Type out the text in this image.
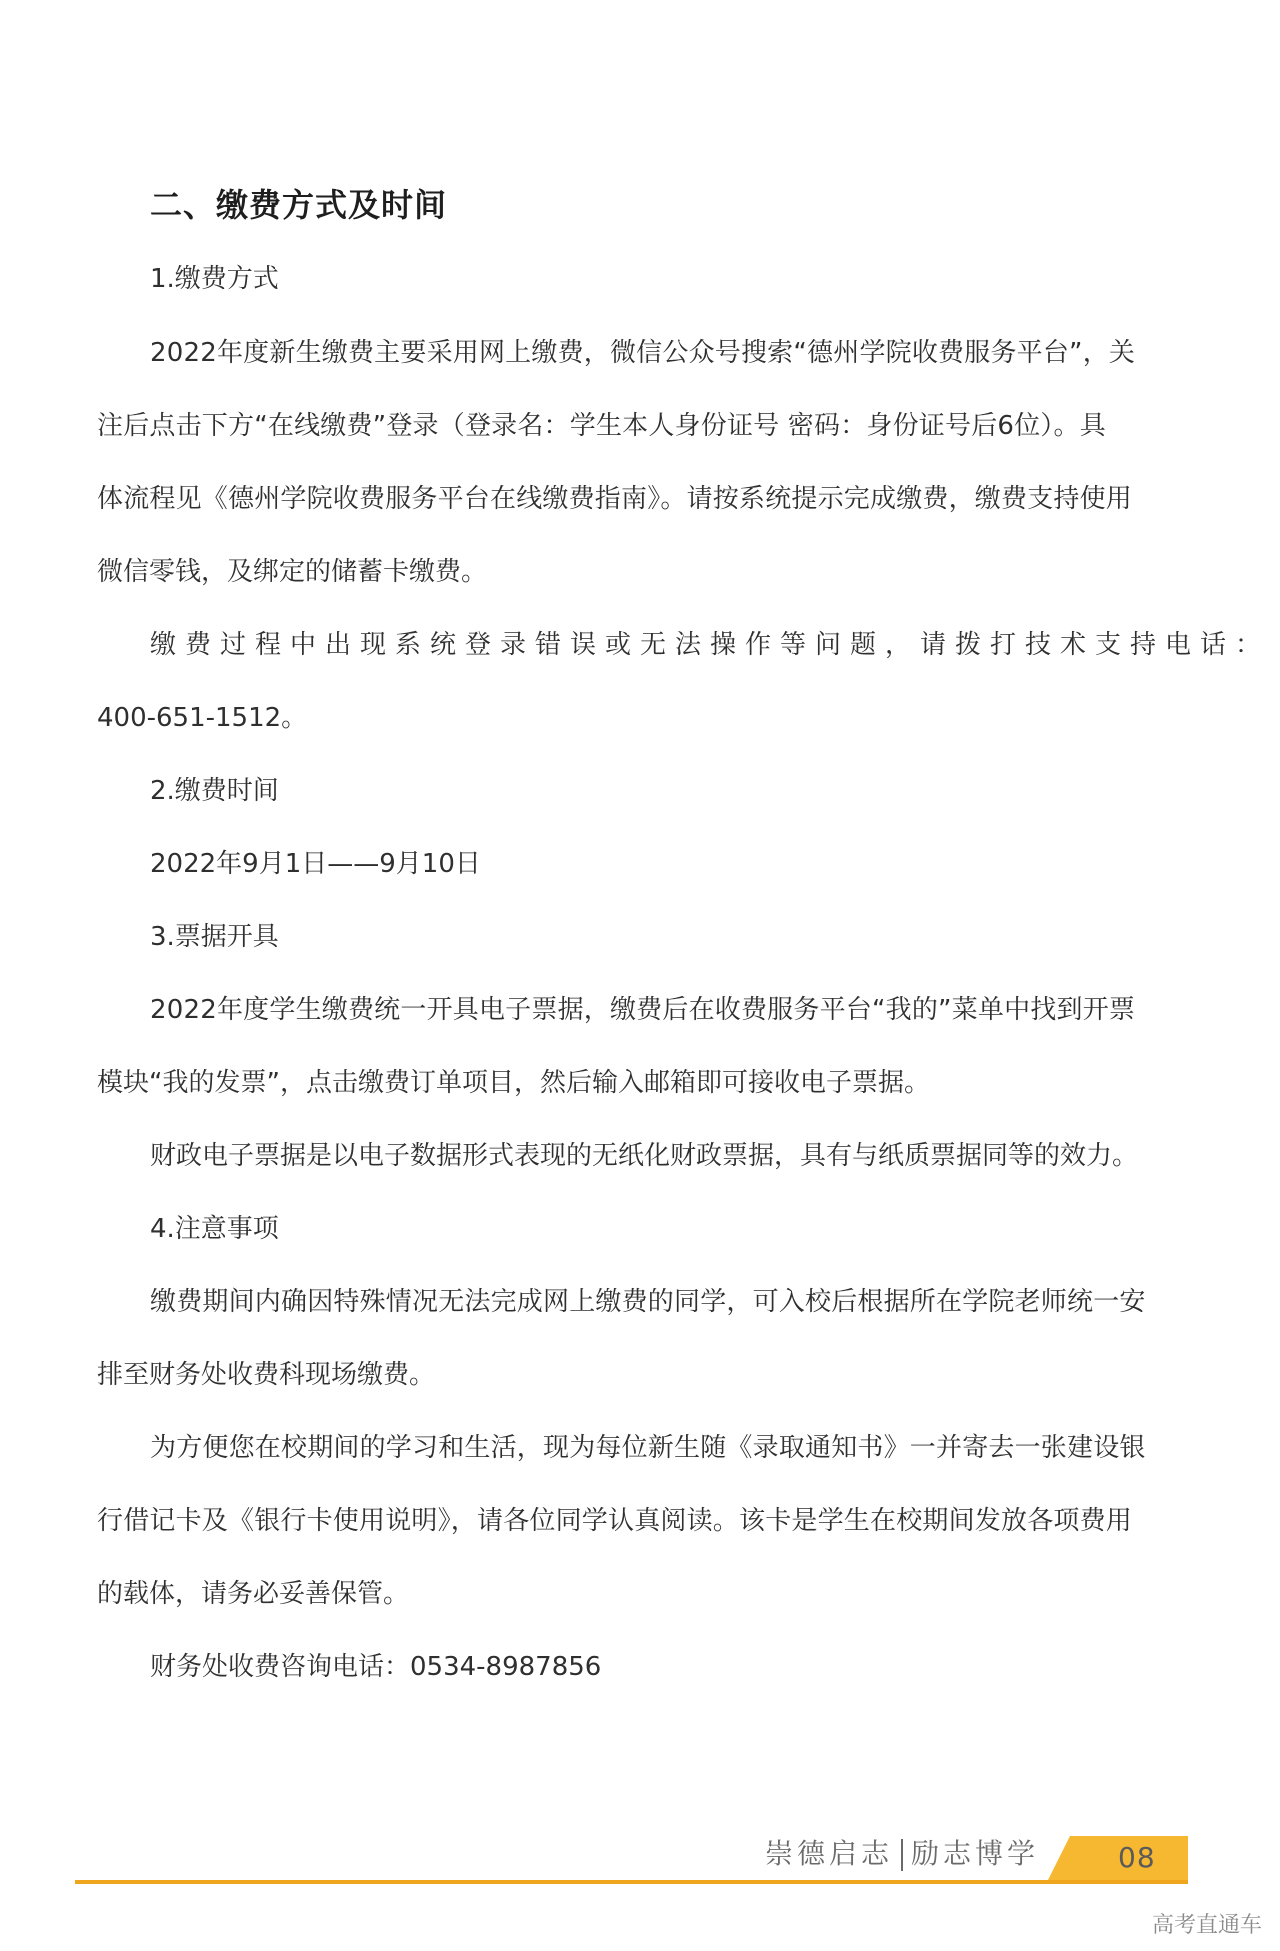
二、缴费方式及时间
1.缴费方式
2022年度新生缴费主要采用网上缴费，微信公众号搜索“德州学院收费服务平台”，关
注后点击下方“在线缴费”登录（登录名：学生本人身份证号 密码：身份证号后6位）。具
体流程见《德州学院收费服务平台在线缴费指南》。请按系统提示完成缴费，缴费支持使用
微信零钱，及绑定的储蓄卡缴费。
缴费过程中出现系统登录错误或无法操作等问题，请拨打技术支持电话：
400-651-1512。
2.缴费时间
2022年9月1日——9月10日
3.票据开具
2022年度学生缴费统一开具电子票据，缴费后在收费服务平台“我的”菜单中找到开票
模块“我的发票”，点击缴费订单项目，然后输入邮箱即可接收电子票据。
财政电子票据是以电子数据形式表现的无纸化财政票据，具有与纸质票据同等的效力。
4.注意事项
缴费期间内确因特殊情况无法完成网上缴费的同学，可入校后根据所在学院老师统一安
排至财务处收费科现场缴费。
为方便您在校期间的学习和生活，现为每位新生随《录取通知书》一并寄去一张建设银
行借记卡及《银行卡使用说明》，请各位同学认真阅读。该卡是学生在校期间发放各项费用
的载体，请务必妥善保管。
财务处收费咨询电话：0534-8987856
崇德启志 励志博学	08
高考直通车
